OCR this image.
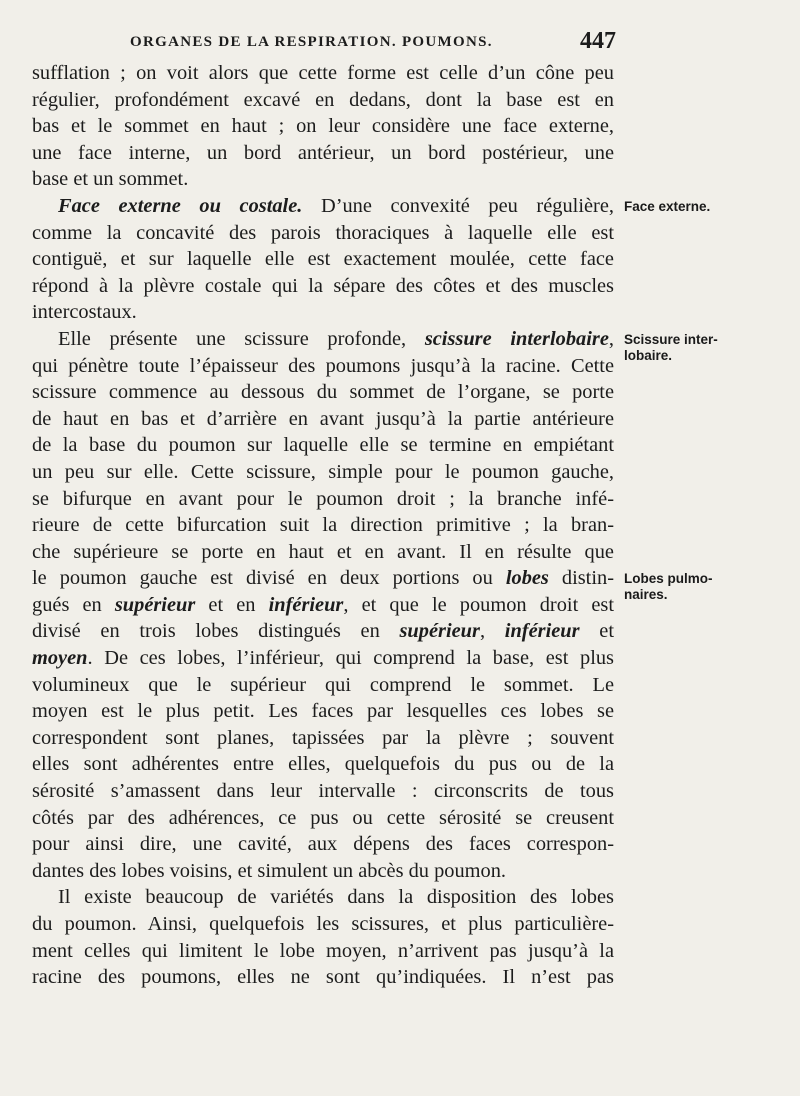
ORGANES DE LA RESPIRATION. POUMONS.	447
sufflation ; on voit alors que cette forme est celle d’un cône peu
régulier, profondément excavé en dedans, dont la base est en
bas et le sommet en haut ; on leur considère une face externe,
une face interne, un bord antérieur, un bord postérieur, une
base et un sommet.
Face externe ou costale. D’une convexité peu régulière,
comme la concavité des parois thoraciques à laquelle elle est
contiguë, et sur laquelle elle est exactement moulée, cette face
répond à la plèvre costale qui la sépare des côtes et des muscles
intercostaux.
Elle présente une scissure profonde, scissure interlobaire,
qui pénètre toute l’épaisseur des poumons jusqu’à la racine. Cette
scissure commence au dessous du sommet de l’organe, se porte
de haut en bas et d’arrière en avant jusqu’à la partie antérieure
de la base du poumon sur laquelle elle se termine en empiétant
un peu sur elle. Cette scissure, simple pour le poumon gauche,
se bifurque en avant pour le poumon droit ; la branche infé-
rieure de cette bifurcation suit la direction primitive ; la bran-
che supérieure se porte en haut et en avant. Il en résulte que
le poumon gauche est divisé en deux portions ou lobes distin-
gués en supérieur et en inférieur, et que le poumon droit est
divisé en trois lobes distingués en supérieur, inférieur et
moyen. De ces lobes, l’inférieur, qui comprend la base, est plus
volumineux que le supérieur qui comprend le sommet. Le
moyen est le plus petit. Les faces par lesquelles ces lobes se
correspondent sont planes, tapissées par la plèvre ; souvent
elles sont adhérentes entre elles, quelquefois du pus ou de la
sérosité s’amassent dans leur intervalle : circonscrits de tous
côtés par des adhérences, ce pus ou cette sérosité se creusent
pour ainsi dire, une cavité, aux dépens des faces correspon-
dantes des lobes voisins, et simulent un abcès du poumon.
Il existe beaucoup de variétés dans la disposition des lobes
du poumon. Ainsi, quelquefois les scissures, et plus particulière-
ment celles qui limitent le lobe moyen, n’arrivent pas jusqu’à la
racine des poumons, elles ne sont qu’indiquées. Il n’est pas
Face externe.
Scissure inter-
lobaire.
Lobes pulmo-
naires.
